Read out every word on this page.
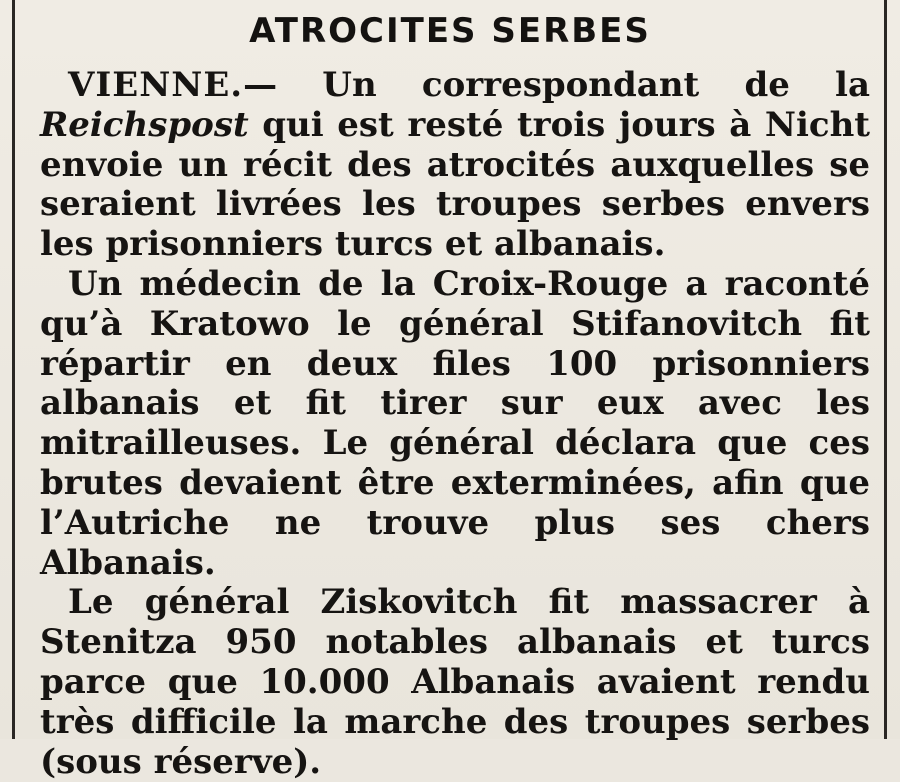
ATROCITES SERBES

VIENNE.— Un correspondant de la Reichspost qui est resté trois jours à Nicht envoie un récit des atrocités auxquelles se seraient livrées les troupes serbes envers les prisonniers turcs et albanais.

Un médecin de la Croix-Rouge a raconté qu’à Kratowo le général Stifanovitch fit répartir en deux files 100 prisonniers albanais et fit tirer sur eux avec les mitrailleuses. Le général déclara que ces brutes devaient être exterminées, afin que l’Autriche ne trouve plus ses chers Albanais.

Le général Ziskovitch fit massacrer à Stenitza 950 notables albanais et turcs parce que 10.000 Albanais avaient rendu très difficile la marche des troupes serbes (sous réserve).
